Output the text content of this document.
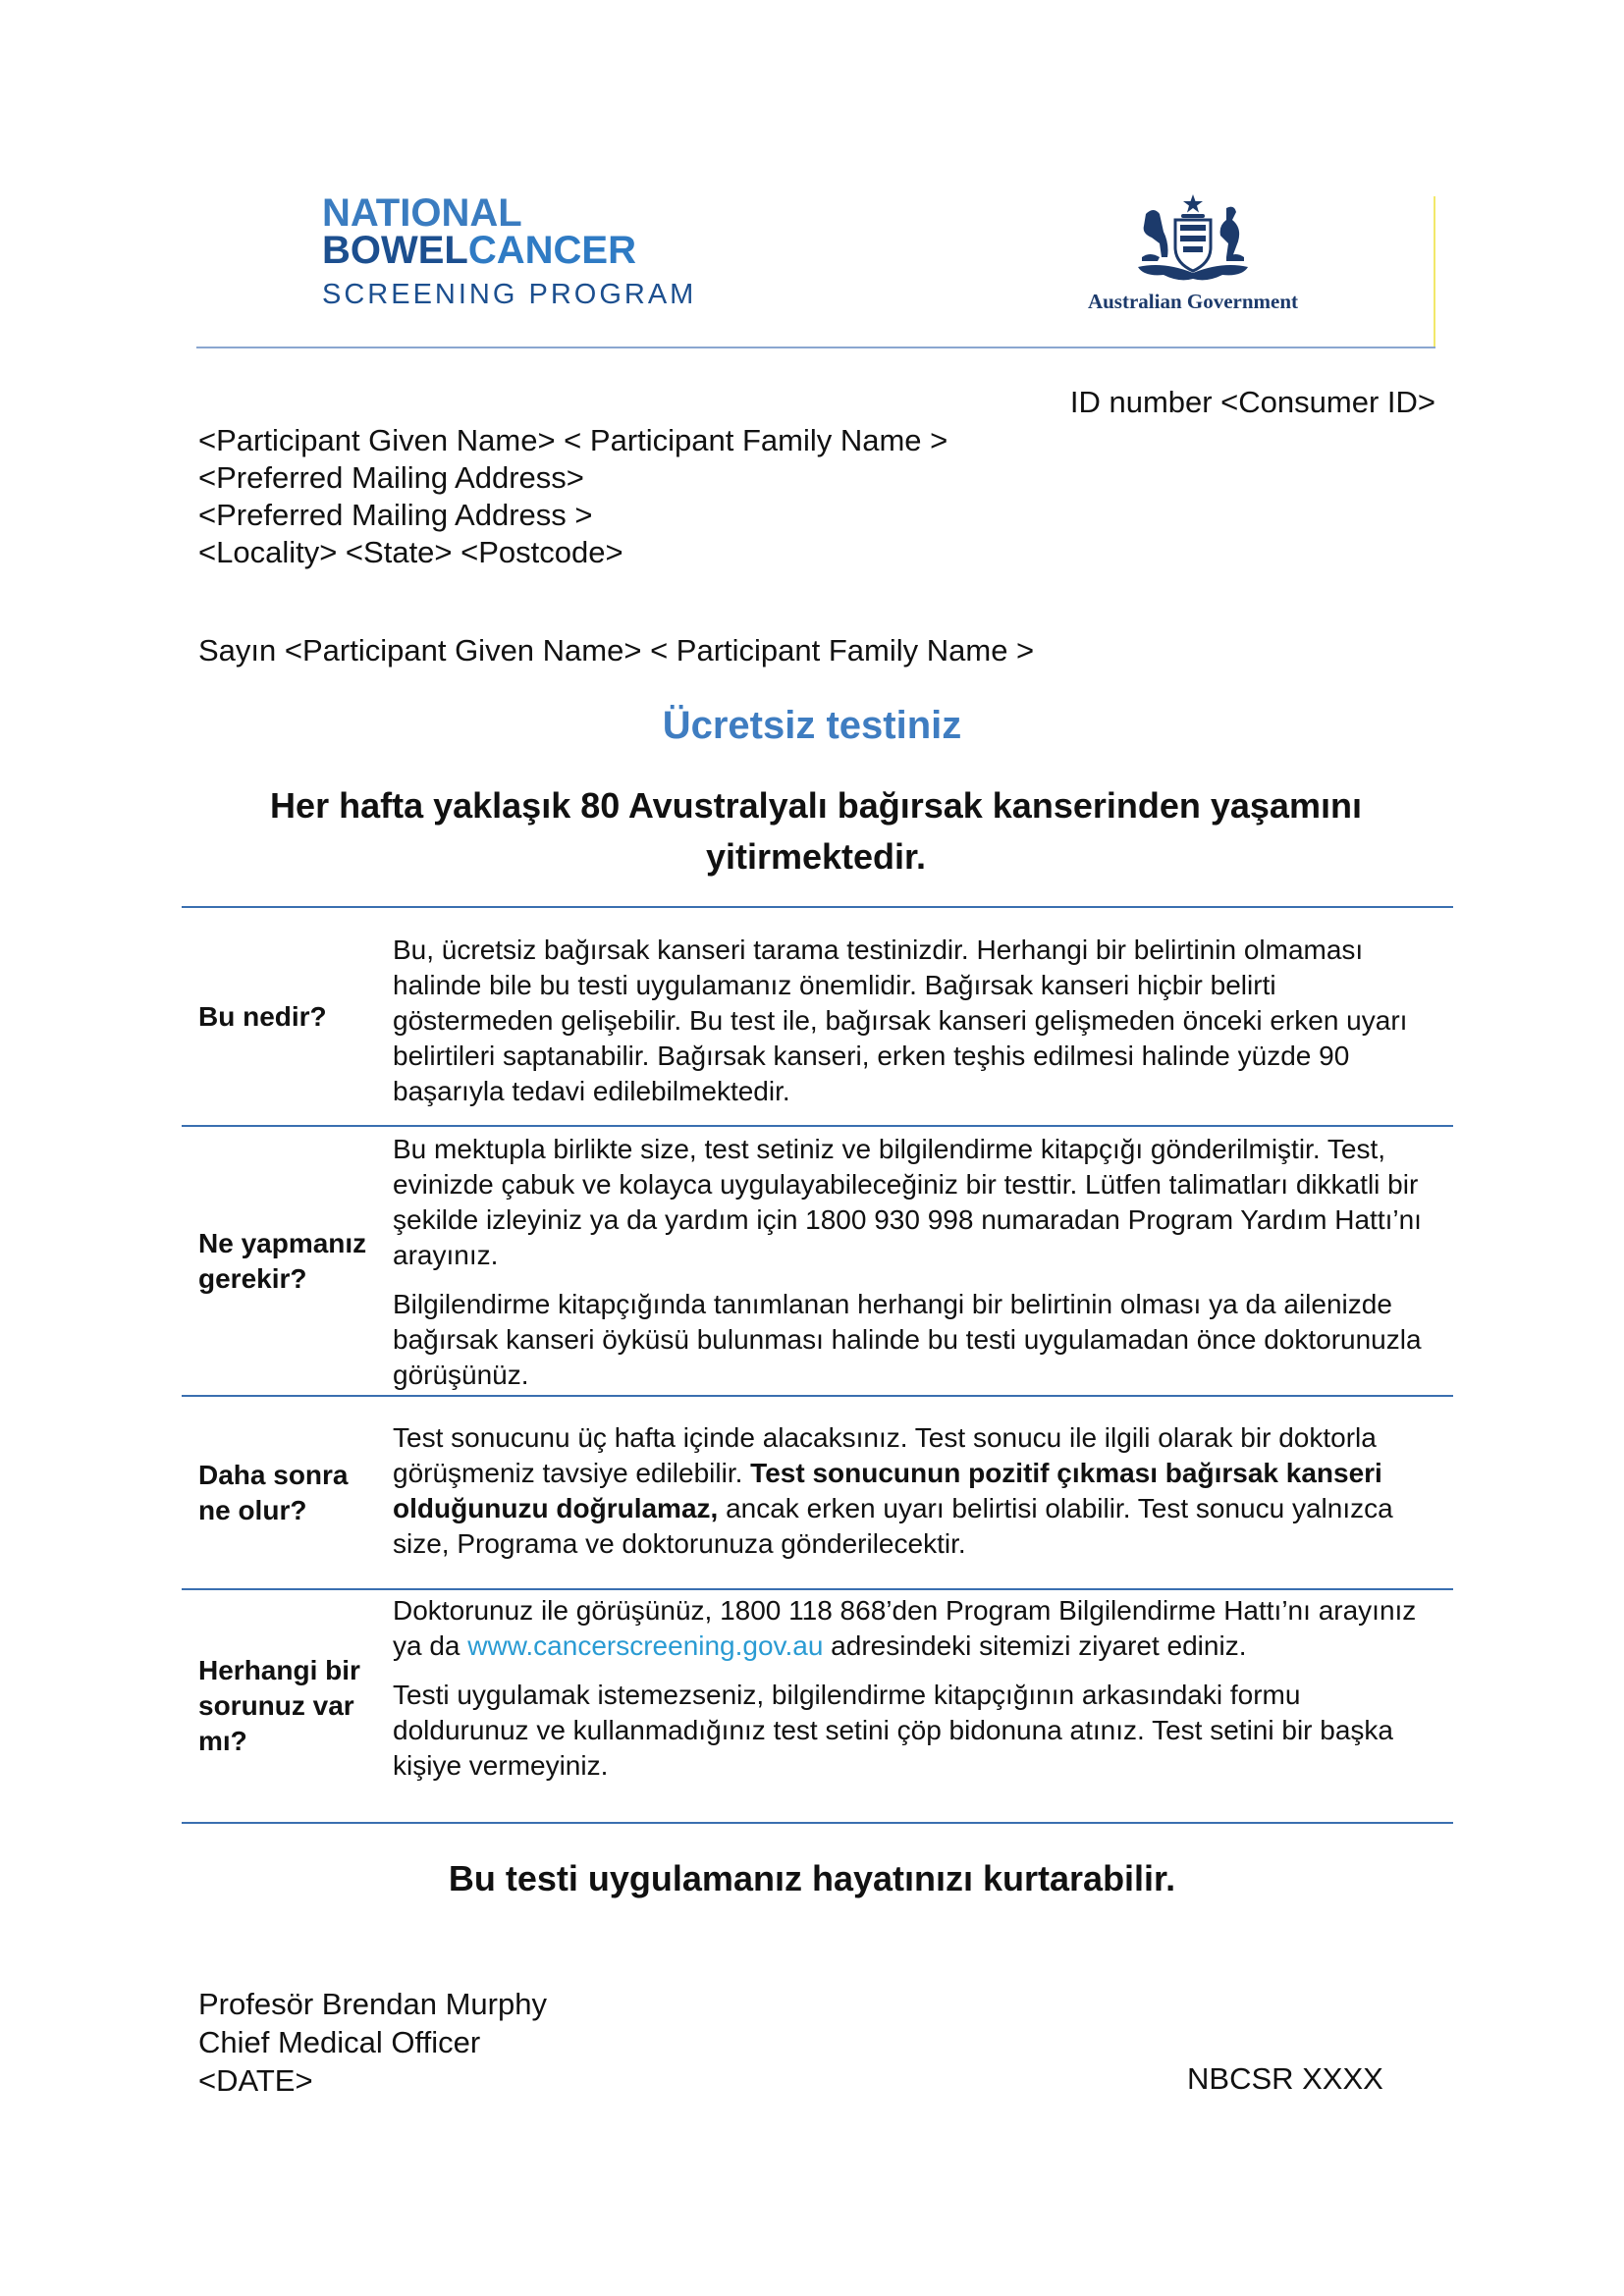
NATIONAL
BOWELCANCER
SCREENING PROGRAM	Australian Government
ID number <Consumer ID>
<Participant Given Name> < Participant Family Name >
<Preferred Mailing Address>
<Preferred Mailing Address >
<Locality> <State> <Postcode>
Sayın <Participant Given Name> < Participant Family Name >
Ücretsiz testiniz
Her hafta yaklaşık 80 Avustralyalı bağırsak kanserinden yaşamını yitirmektedir.
Bu nedir?

Bu, ücretsiz bağırsak kanseri tarama testinizdir. Herhangi bir belirtinin olmaması halinde bile bu testi uygulamanız önemlidir. Bağırsak kanseri hiçbir belirti göstermeden gelişebilir. Bu test ile, bağırsak kanseri gelişmeden önceki erken uyarı belirtileri saptanabilir. Bağırsak kanseri, erken teşhis edilmesi halinde yüzde 90 başarıyla tedavi edilebilmektedir.

Ne yapmanız gerekir?

Bu mektupla birlikte size, test setiniz ve bilgilendirme kitapçığı gönderilmiştir. Test, evinizde çabuk ve kolayca uygulayabileceğiniz bir testtir. Lütfen talimatları dikkatli bir şekilde izleyiniz ya da yardım için 1800 930 998 numaradan Program Yardım Hattı’nı arayınız.

Bilgilendirme kitapçığında tanımlanan herhangi bir belirtinin olması ya da ailenizde bağırsak kanseri öyküsü bulunması halinde bu testi uygulamadan önce doktorunuzla görüşünüz.

Daha sonra ne olur?

Test sonucunu üç hafta içinde alacaksınız. Test sonucu ile ilgili olarak bir doktorla görüşmeniz tavsiye edilebilir. Test sonucunun pozitif çıkması bağırsak kanseri olduğunuzu doğrulamaz, ancak erken uyarı belirtisi olabilir. Test sonucu yalnızca size, Programa ve doktorunuza gönderilecektir.

Herhangi bir sorunuz var mı?

Doktorunuz ile görüşünüz, 1800 118 868’den Program Bilgilendirme Hattı’nı arayınız ya da www.cancerscreening.gov.au adresindeki sitemizi ziyaret ediniz.

Testi uygulamak istemezseniz, bilgilendirme kitapçığının arkasındaki formu doldurunuz ve kullanmadığınız test setini çöp bidonuna atınız. Test setini bir başka kişiye vermeyiniz.

Bu testi uygulamanız hayatınızı kurtarabilir.
Profesör Brendan Murphy
Chief Medical Officer
<DATE>	NBCSR XXXX
